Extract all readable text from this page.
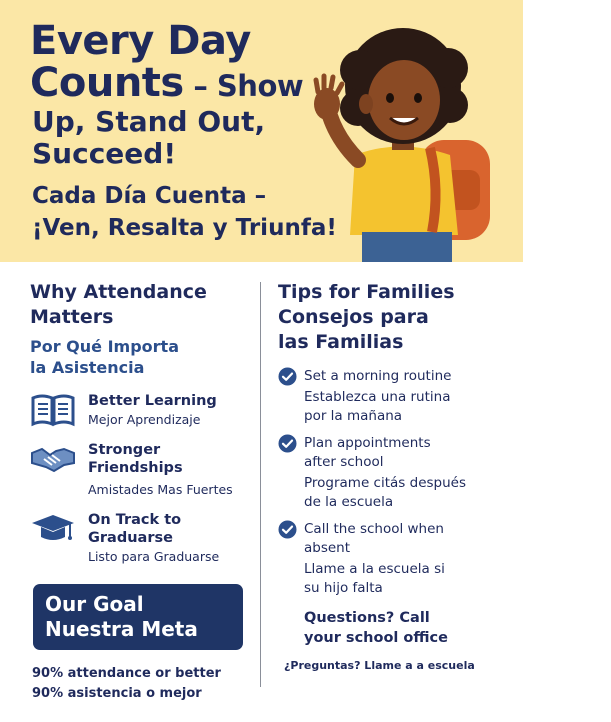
Every Day
Counts – Show
Up, Stand Out,
Succeed!
Cada Día Cuenta –
¡Ven, Resalta y Triunfa!
Why Attendance
Matters
Por Qué Importa
la Asistencia
Better Learning
Mejor Aprendizaje
Stronger
Friendships
Amistades Mas Fuertes
On Track to
Graduarse
Listo para Graduarse
Our Goal
Nuestra Meta
90% attendance or better
90% asistencia o mejor
Tips for Families
Consejos para
las Familias
Set a morning routine
Establezca una rutina
por la mañana
Plan appointments
after school
Programe citás después
de la escuela
Call the school when
absent
Llame a la escuela si
su hijo falta
Questions? Call
your school office
¿Preguntas? Llame a a escuela
